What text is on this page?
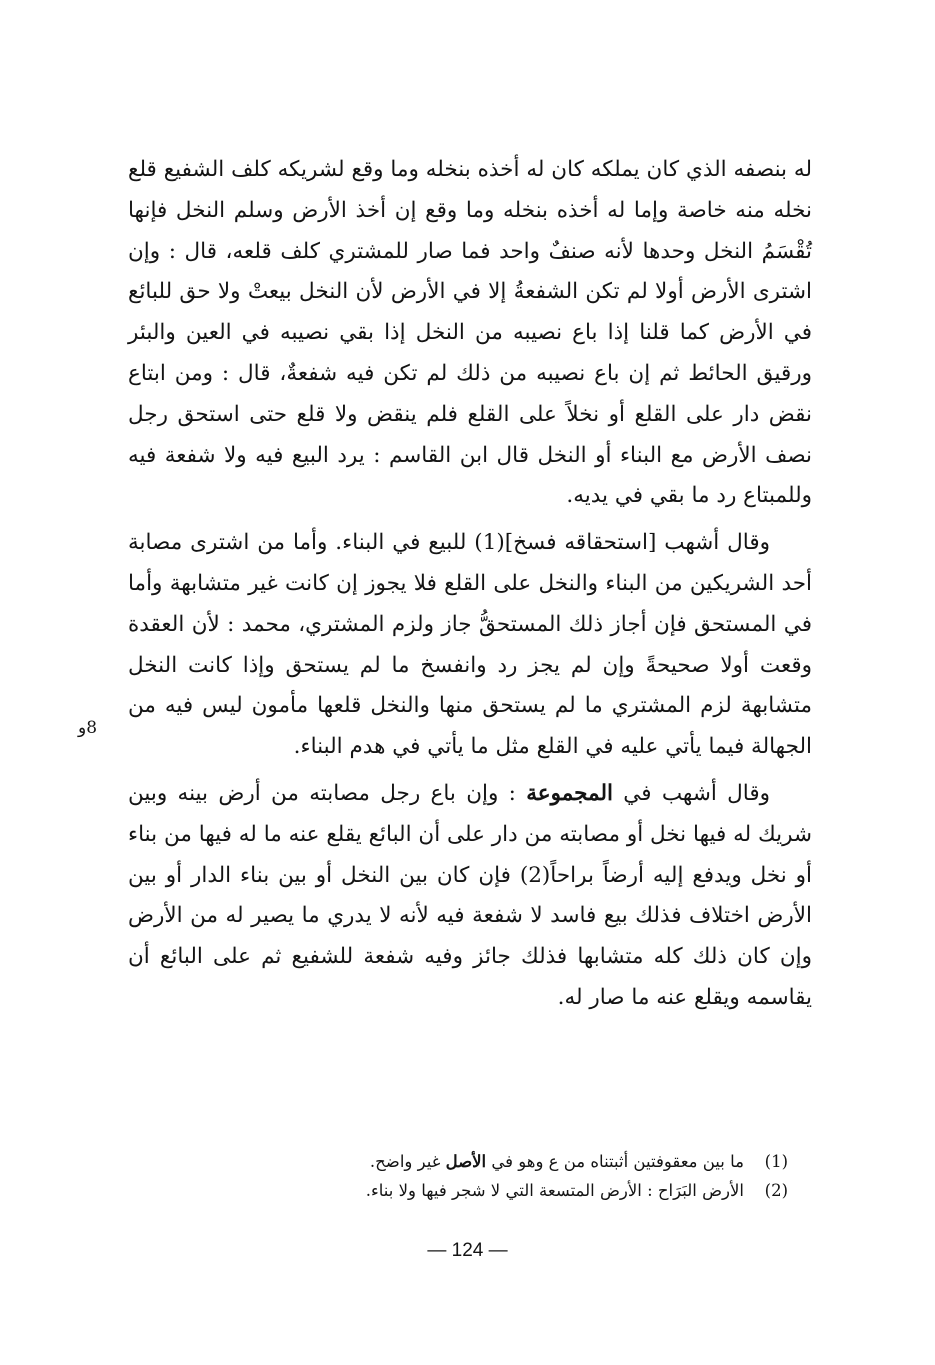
له بنصفه الذي كان يملكه كان له أخذه بنخله وما وقع لشريكه كلف الشفيع قلع نخله منه خاصة وإما له أخذه بنخله وما وقع إن أخذ الأرض وسلم النخل فإنها تُقْسَمُ النخل وحدها لأنه صنفٌ واحد فما صار للمشتري كلف قلعه، قال : وإن اشترى الأرض أولا لم تكن الشفعةُ إلا في الأرض لأن النخل بيعتْ ولا حق للبائع في الأرض كما قلنا إذا باع نصيبه من النخل إذا بقي نصيبه في العين والبئر ورقيق الحائط ثم إن باع نصيبه من ذلك لم تكن فيه شفعةٌ، قال : ومن ابتاع نقض دار على القلع أو نخلاً على القلع فلم ينقض ولا قلع حتى استحق رجل نصف الأرض مع البناء أو النخل قال ابن القاسم : يرد البيع فيه ولا شفعة فيه وللمبتاع رد ما بقي في يديه.

وقال أشهب [استحقاقه فسخ](1) للبيع في البناء. وأما من اشترى مصابة أحد الشريكين من البناء والنخل على القلع فلا يجوز إن كانت غير متشابهة وأما في المستحق فإن أجاز ذلك المستحقُّ جاز ولزم المشتري، محمد : لأن العقدة وقعت أولا صحيحةً وإن لم يجز رد وانفسخ ما لم يستحق وإذا كانت النخل متشابهة لزم المشتري ما لم يستحق منها والنخل قلعها مأمون ليس فيه من الجهالة فيما يأتي عليه في القلع مثل ما يأتي في هدم البناء.

وقال أشهب في المجموعة : وإن باع رجل مصابته من أرض بينه وبين شريك له فيها نخل أو مصابته من دار على أن البائع يقلع عنه ما له فيها من بناء أو نخل ويدفع إليه أرضاً براحاً(2) فإن كان بين النخل أو بين بناء الدار أو بين الأرض اختلاف فذلك بيع فاسد لا شفعة فيه لأنه لا يدري ما يصير له من الأرض وإن كان ذلك كله متشابها فذلك جائز وفيه شفعة للشفيع ثم على البائع أن يقاسمه ويقلع عنه ما صار له.

8و
(1)
ما بين معقوفتين أثبتناه من ع وهو في الأصل غير واضح.
(2)
الأرض البَرَاح : الأرض المتسعة التي لا شجر فيها ولا بناء.
— 124 —
